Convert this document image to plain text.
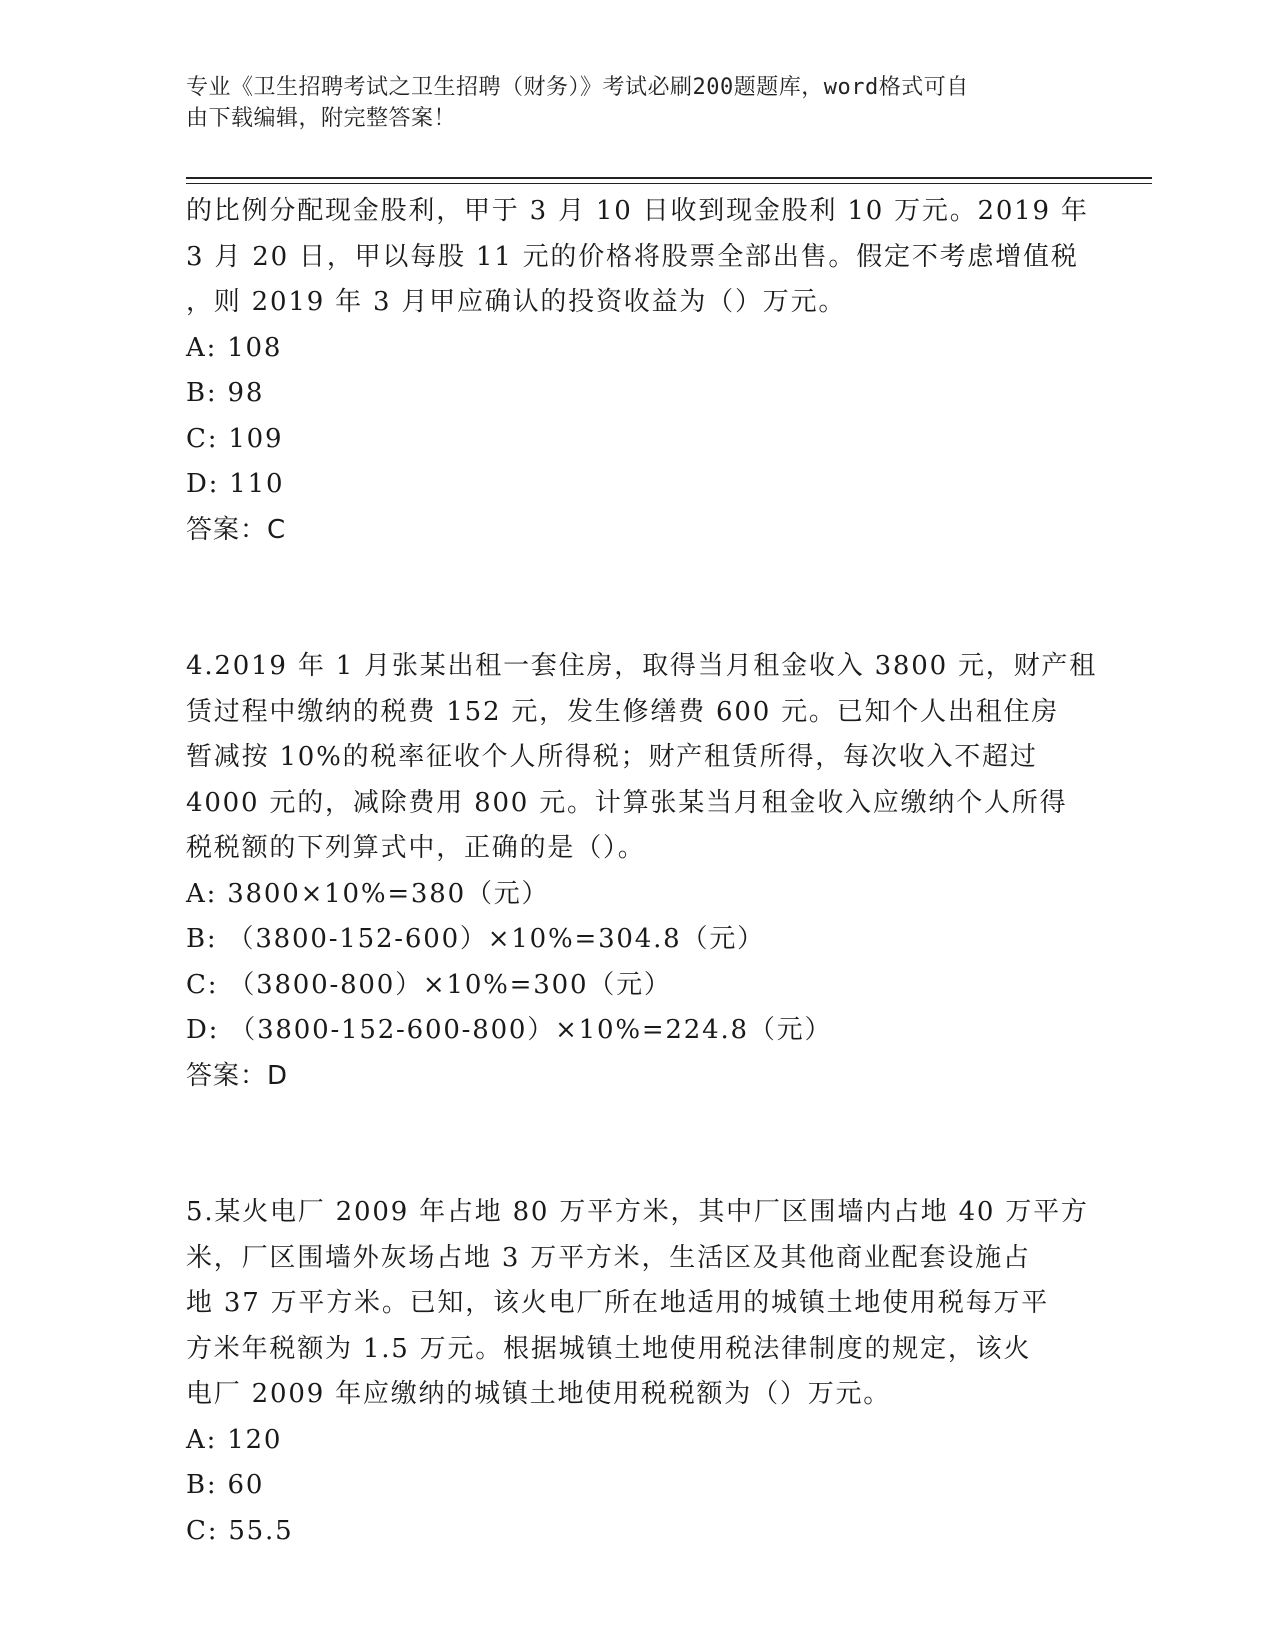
专业《卫生招聘考试之卫生招聘（财务）》考试必刷200题题库，word格式可自
由下载编辑，附完整答案！
的比例分配现金股利，甲于 3 月 10 日收到现金股利 10 万元。2019 年
3 月 20 日，甲以每股 11 元的价格将股票全部出售。假定不考虑增值税
，则 2019 年 3 月甲应确认的投资收益为（）万元。
A: 108
B: 98
C: 109
D: 110
答案：C
4.2019 年 1 月张某出租一套住房，取得当月租金收入 3800 元，财产租
赁过程中缴纳的税费 152 元，发生修缮费 600 元。已知个人出租住房
暂减按 10%的税率征收个人所得税；财产租赁所得，每次收入不超过
4000 元的，减除费用 800 元。计算张某当月租金收入应缴纳个人所得
税税额的下列算式中，正确的是（）。
A: 3800×10%=380（元）
B: （3800-152-600）×10%=304.8（元）
C: （3800-800）×10%=300（元）
D: （3800-152-600-800）×10%=224.8（元）
答案：D
5.某火电厂 2009 年占地 80 万平方米，其中厂区围墙内占地 40 万平方
米，厂区围墙外灰场占地 3 万平方米，生活区及其他商业配套设施占
地 37 万平方米。已知，该火电厂所在地适用的城镇土地使用税每万平
方米年税额为 1.5 万元。根据城镇土地使用税法律制度的规定，该火
电厂 2009 年应缴纳的城镇土地使用税税额为（）万元。
A: 120
B: 60
C: 55.5
